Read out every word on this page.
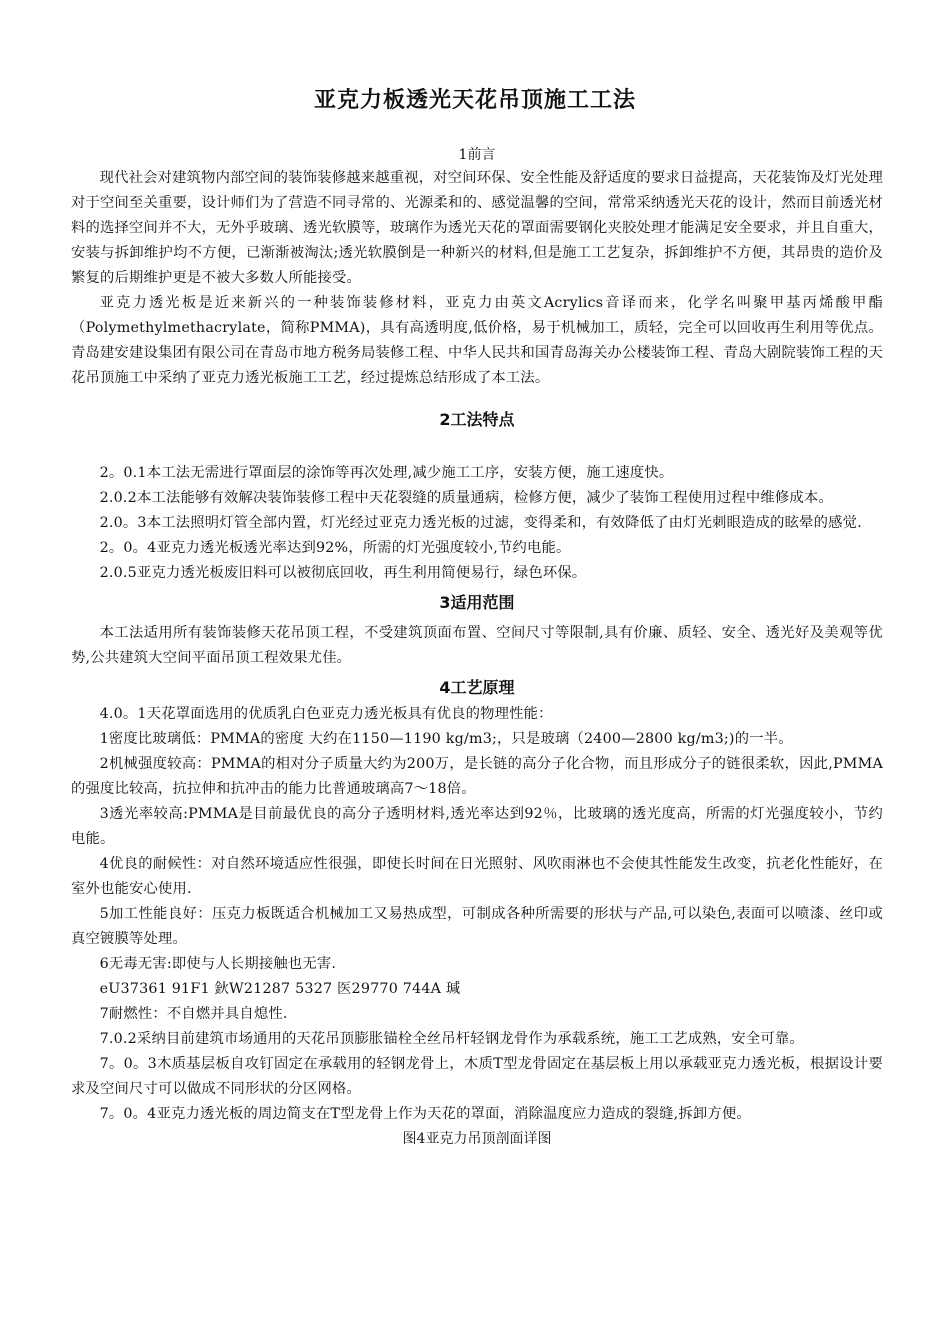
亚克力板透光天花吊顶施工工法

1前言

现代社会对建筑物内部空间的装饰装修越来越重视，对空间环保、安全性能及舒适度的要求日益提高，天花装饰及灯光处理对于空间至关重要，设计师们为了营造不同寻常的、光源柔和的、感觉温馨的空间，常常采纳透光天花的设计，然而目前透光材料的选择空间并不大，无外乎玻璃、透光软膜等，玻璃作为透光天花的罩面需要钢化夹胶处理才能满足安全要求，并且自重大，安装与拆卸维护均不方便，已渐渐被淘汰;透光软膜倒是一种新兴的材料,但是施工工艺复杂，拆卸维护不方便，其昂贵的造价及繁复的后期维护更是不被大多数人所能接受。

亚克力透光板是近来新兴的一种装饰装修材料，亚克力由英文Acrylics音译而来，化学名叫聚甲基丙烯酸甲酯 （Polymethylmethacrylate，简称PMMA)，具有高透明度,低价格，易于机械加工，质轻，完全可以回收再生利用等优点。青岛建安建设集团有限公司在青岛市地方税务局装修工程、中华人民共和国青岛海关办公楼装饰工程、青岛大剧院装饰工程的天花吊顶施工中采纳了亚克力透光板施工工艺，经过提炼总结形成了本工法。

2工法特点

2。0.1本工法无需进行罩面层的涂饰等再次处理,减少施工工序，安装方便，施工速度快。

2.0.2本工法能够有效解决装饰装修工程中天花裂缝的质量通病，检修方便，减少了装饰工程使用过程中维修成本。

2.0。3本工法照明灯管全部内置，灯光经过亚克力透光板的过滤，变得柔和，有效降低了由灯光刺眼造成的眩晕的感觉.

2。0。4亚克力透光板透光率达到92%，所需的灯光强度较小,节约电能。

2.0.5亚克力透光板废旧料可以被彻底回收，再生利用简便易行，绿色环保。

3适用范围

本工法适用所有装饰装修天花吊顶工程，不受建筑顶面布置、空间尺寸等限制,具有价廉、质轻、安全、透光好及美观等优势,公共建筑大空间平面吊顶工程效果尤佳。

4工艺原理

4.0。1天花罩面选用的优质乳白色亚克力透光板具有优良的物理性能：

1密度比玻璃低：PMMA的密度 大约在1150—1190 kg/m3;，只是玻璃（2400—2800 kg/m3;)的一半。

2机械强度较高：PMMA的相对分子质量大约为200万，是长链的高分子化合物，而且形成分子的链很柔软，因此,PMMA的强度比较高，抗拉伸和抗冲击的能力比普通玻璃高7～18倍。

3透光率较高:PMMA是目前最优良的高分子透明材料,透光率达到92％，比玻璃的透光度高，所需的灯光强度较小，节约电能。

4优良的耐候性：对自然环境适应性很强，即使长时间在日光照射、风吹雨淋也不会使其性能发生改变，抗老化性能好，在室外也能安心使用.

5加工性能良好：压克力板既适合机械加工又易热成型，可制成各种所需要的形状与产品,可以染色,表面可以喷漆、丝印或真空镀膜等处理。

6无毒无害:即使与人长期接触也无害.

eU37361 91F1 鈥W21287 5327 医29770 744A 瑊

7耐燃性：不自燃并具自熄性.

7.0.2采纳目前建筑市场通用的天花吊顶膨胀锚栓全丝吊杆轻钢龙骨作为承载系统，施工工艺成熟，安全可靠。

7。0。3木质基层板自攻钉固定在承载用的轻钢龙骨上，木质T型龙骨固定在基层板上用以承载亚克力透光板，根据设计要求及空间尺寸可以做成不同形状的分区网格。

7。0。4亚克力透光板的周边简支在T型龙骨上作为天花的罩面，消除温度应力造成的裂缝,拆卸方便。

图4亚克力吊顶剖面详图
